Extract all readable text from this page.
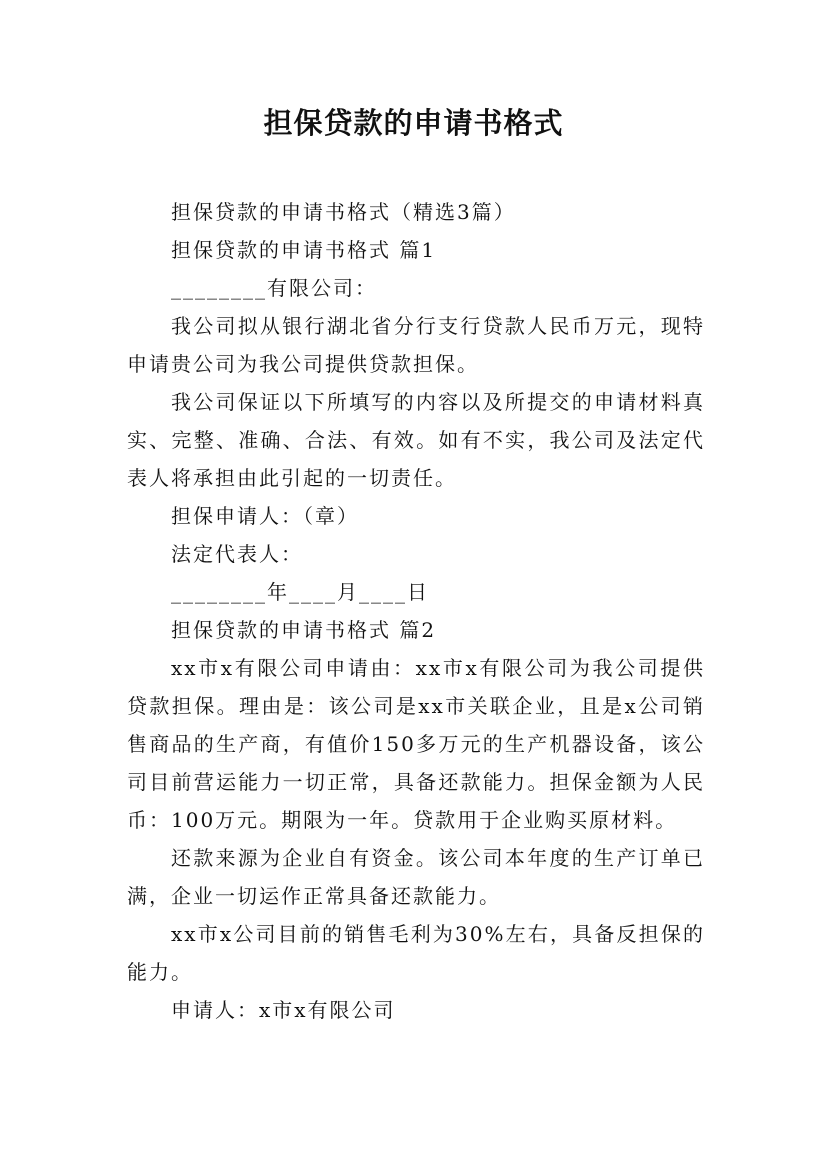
担保贷款的申请书格式

担保贷款的申请书格式（精选3篇）

担保贷款的申请书格式 篇1

________有限公司：

我公司拟从银行湖北省分行支行贷款人民币万元，现特申请贵公司为我公司提供贷款担保。

我公司保证以下所填写的内容以及所提交的申请材料真实、完整、准确、合法、有效。如有不实，我公司及法定代表人将承担由此引起的一切责任。

担保申请人：（章）

法定代表人：

________年____月____日

担保贷款的申请书格式 篇2

xx市x有限公司申请由：xx市x有限公司为我公司提供贷款担保。理由是：该公司是xx市关联企业，且是x公司销售商品的生产商，有值价150多万元的生产机器设备，该公司目前营运能力一切正常，具备还款能力。担保金额为人民币：100万元。期限为一年。贷款用于企业购买原材料。

还款来源为企业自有资金。该公司本年度的生产订单已满，企业一切运作正常具备还款能力。

xx市x公司目前的销售毛利为30%左右，具备反担保的能力。

申请人：x市x有限公司
